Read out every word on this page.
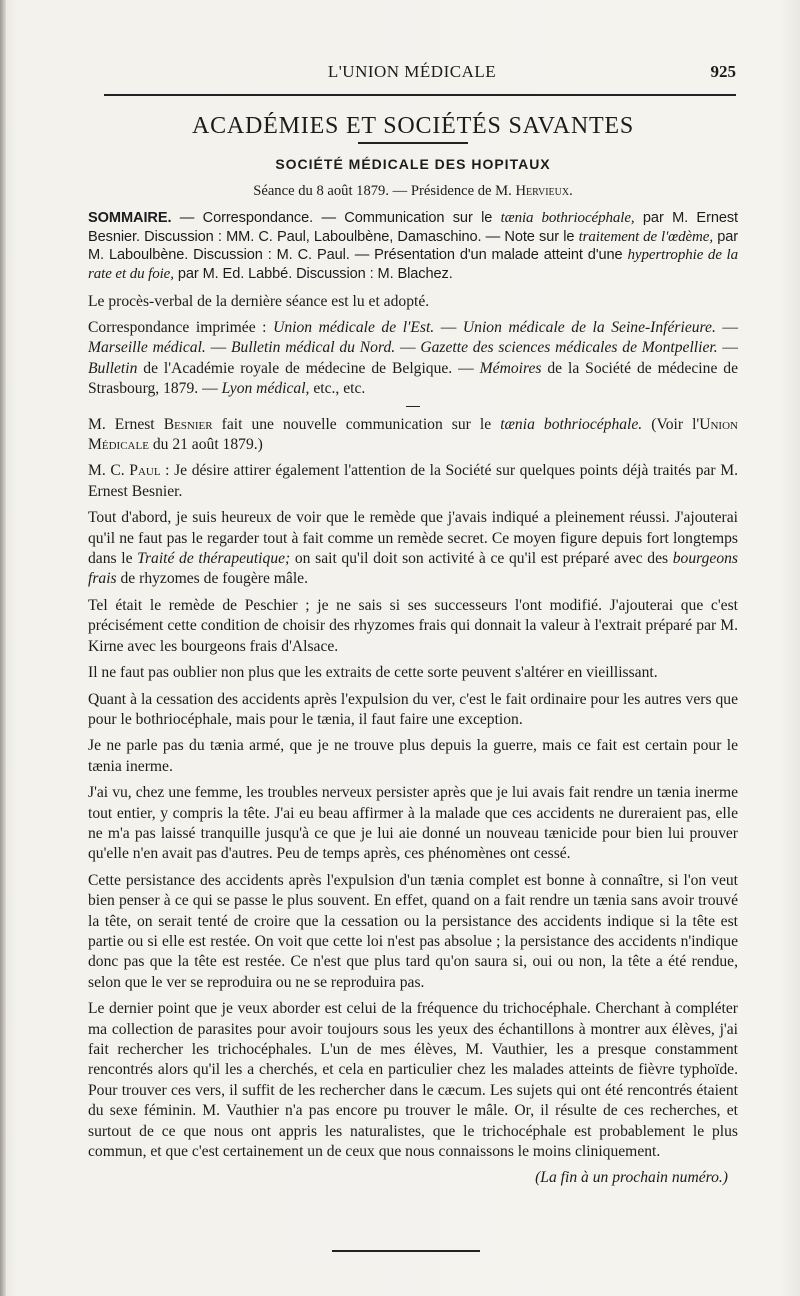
L'UNION MÉDICALE	925
ACADÉMIES ET SOCIÉTÉS SAVANTES
SOCIÉTÉ MÉDICALE DES HOPITAUX
Séance du 8 août 1879. — Présidence de M. Hervieux.
SOMMAIRE. — Correspondance. — Communication sur le tænia bothriocéphale, par M. Ernest Besnier. Discussion : MM. C. Paul, Laboulbène, Damaschino. — Note sur le traitement de l'œdème, par M. Laboulbène. Discussion : M. C. Paul. — Présentation d'un malade atteint d'une hypertrophie de la rate et du foie, par M. Ed. Labbé. Discussion : M. Blachez.

Le procès-verbal de la dernière séance est lu et adopté.

Correspondance imprimée : Union médicale de l'Est. — Union médicale de la Seine-Inférieure. — Marseille médical. — Bulletin médical du Nord. — Gazette des sciences médicales de Montpellier. — Bulletin de l'Académie royale de médecine de Belgique. — Mémoires de la Société de médecine de Strasbourg, 1879. — Lyon médical, etc., etc.

M. Ernest Besnier fait une nouvelle communication sur le tænia bothriocéphale. (Voir l'Union Médicale du 21 août 1879.)

M. C. Paul : Je désire attirer également l'attention de la Société sur quelques points déjà traités par M. Ernest Besnier.

Tout d'abord, je suis heureux de voir que le remède que j'avais indiqué a pleinement réussi. J'ajouterai qu'il ne faut pas le regarder tout à fait comme un remède secret. Ce moyen figure depuis fort longtemps dans le Traité de thérapeutique; on sait qu'il doit son activité à ce qu'il est préparé avec des bourgeons frais de rhyzomes de fougère mâle.

Tel était le remède de Peschier ; je ne sais si ses successeurs l'ont modifié. J'ajouterai que c'est précisément cette condition de choisir des rhyzomes frais qui donnait la valeur à l'extrait préparé par M. Kirne avec les bourgeons frais d'Alsace.

Il ne faut pas oublier non plus que les extraits de cette sorte peuvent s'altérer en vieillissant.

Quant à la cessation des accidents après l'expulsion du ver, c'est le fait ordinaire pour les autres vers que pour le bothriocéphale, mais pour le tænia, il faut faire une exception.

Je ne parle pas du tænia armé, que je ne trouve plus depuis la guerre, mais ce fait est certain pour le tænia inerme.

J'ai vu, chez une femme, les troubles nerveux persister après que je lui avais fait rendre un tænia inerme tout entier, y compris la tête. J'ai eu beau affirmer à la malade que ces accidents ne dureraient pas, elle ne m'a pas laissé tranquille jusqu'à ce que je lui aie donné un nouveau tænicide pour bien lui prouver qu'elle n'en avait pas d'autres. Peu de temps après, ces phénomènes ont cessé.

Cette persistance des accidents après l'expulsion d'un tænia complet est bonne à connaître, si l'on veut bien penser à ce qui se passe le plus souvent. En effet, quand on a fait rendre un tænia sans avoir trouvé la tête, on serait tenté de croire que la cessation ou la persistance des accidents indique si la tête est partie ou si elle est restée. On voit que cette loi n'est pas absolue ; la persistance des accidents n'indique donc pas que la tête est restée. Ce n'est que plus tard qu'on saura si, oui ou non, la tête a été rendue, selon que le ver se reproduira ou ne se reproduira pas.

Le dernier point que je veux aborder est celui de la fréquence du trichocéphale. Cherchant à compléter ma collection de parasites pour avoir toujours sous les yeux des échantillons à montrer aux élèves, j'ai fait rechercher les trichocéphales. L'un de mes élèves, M. Vauthier, les a presque constamment rencontrés alors qu'il les a cherchés, et cela en particulier chez les malades atteints de fièvre typhoïde. Pour trouver ces vers, il suffit de les rechercher dans le cæcum. Les sujets qui ont été rencontrés étaient du sexe féminin. M. Vauthier n'a pas encore pu trouver le mâle. Or, il résulte de ces recherches, et surtout de ce que nous ont appris les naturalistes, que le trichocéphale est probablement le plus commun, et que c'est certainement un de ceux que nous connaissons le moins cliniquement.

(La fin à un prochain numéro.)
